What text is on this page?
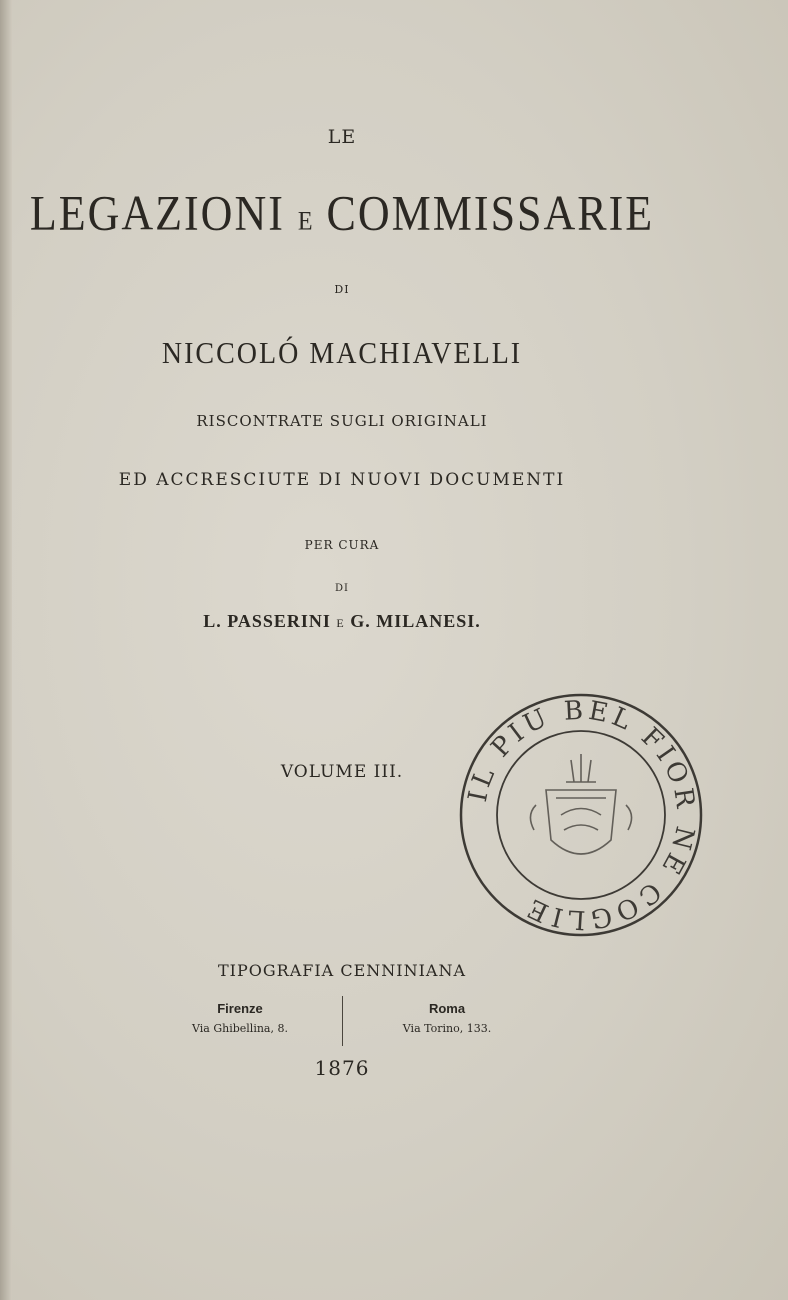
LE
LEGAZIONI E COMMISSARIE
DI
NICCOLÓ MACHIAVELLI
RISCONTRATE SUGLI ORIGINALI
ED ACCRESCIUTE DI NUOVI DOCUMENTI
PER CURA
DI
L. PASSERINI E G. MILANESI.
VOLUME III.
IL PIU BEL FIOR NE COGLIE
TIPOGRAFIA CENNINIANA
Firenze
Via Ghibellina, 8.
Roma
Via Torino, 133.
1876
